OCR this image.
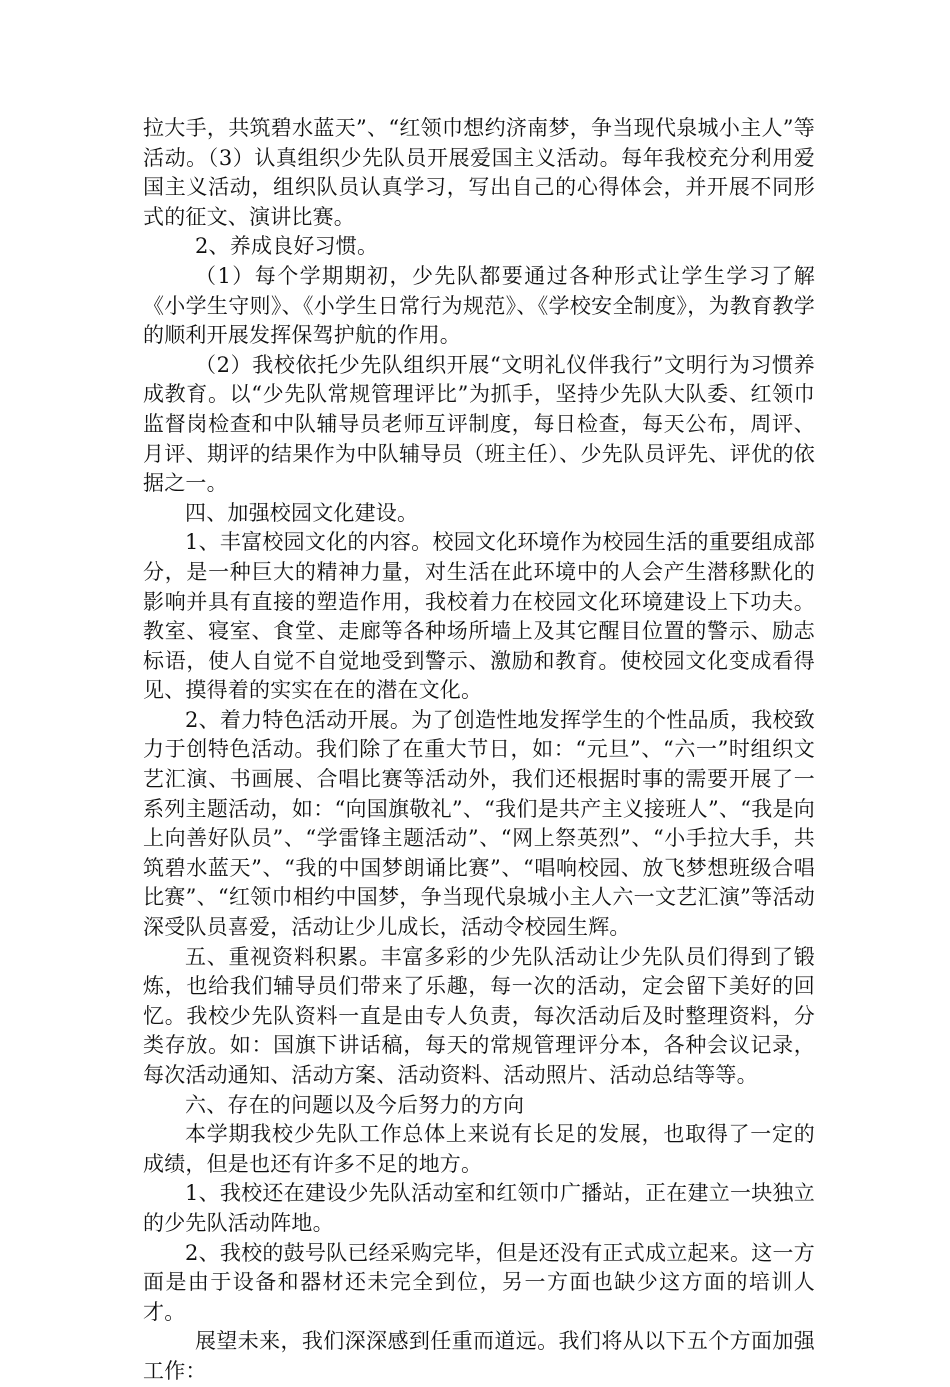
拉大手，共筑碧水蓝天”、“红领巾想约济南梦，争当现代泉城小主人”等活动。（3）认真组织少先队员开展爱国主义活动。每年我校充分利用爱国主义活动，组织队员认真学习，写出自己的心得体会，并开展不同形式的征文、演讲比赛。

2、养成良好习惯。

（1）每个学期期初，少先队都要通过各种形式让学生学习了解《小学生守则》、《小学生日常行为规范》、《学校安全制度》，为教育教学的顺利开展发挥保驾护航的作用。

（2）我校依托少先队组织开展“文明礼仪伴我行”文明行为习惯养成教育。以“少先队常规管理评比”为抓手，坚持少先队大队委、红领巾监督岗检查和中队辅导员老师互评制度，每日检查，每天公布，周评、月评、期评的结果作为中队辅导员（班主任）、少先队员评先、评优的依据之一。

四、加强校园文化建设。

1、丰富校园文化的内容。校园文化环境作为校园生活的重要组成部分，是一种巨大的精神力量，对生活在此环境中的人会产生潜移默化的影响并具有直接的塑造作用，我校着力在校园文化环境建设上下功夫。教室、寝室、食堂、走廊等各种场所墙上及其它醒目位置的警示、励志标语，使人自觉不自觉地受到警示、激励和教育。使校园文化变成看得见、摸得着的实实在在的潜在文化。

2、着力特色活动开展。为了创造性地发挥学生的个性品质，我校致力于创特色活动。我们除了在重大节日，如：“元旦”、“六一”时组织文艺汇演、书画展、合唱比赛等活动外，我们还根据时事的需要开展了一系列主题活动，如：“向国旗敬礼”、“我们是共产主义接班人”、“我是向上向善好队员”、“学雷锋主题活动”、“网上祭英烈”、“小手拉大手，共筑碧水蓝天”、“我的中国梦朗诵比赛”、“唱响校园、放飞梦想班级合唱比赛”、“红领巾相约中国梦，争当现代泉城小主人六一文艺汇演”等活动深受队员喜爱，活动让少儿成长，活动令校园生辉。

五、重视资料积累。丰富多彩的少先队活动让少先队员们得到了锻炼，也给我们辅导员们带来了乐趣，每一次的活动，定会留下美好的回忆。我校少先队资料一直是由专人负责，每次活动后及时整理资料，分类存放。如：国旗下讲话稿，每天的常规管理评分本，各种会议记录，每次活动通知、活动方案、活动资料、活动照片、活动总结等等。

六、存在的问题以及今后努力的方向

本学期我校少先队工作总体上来说有长足的发展，也取得了一定的成绩，但是也还有许多不足的地方。

1、我校还在建设少先队活动室和红领巾广播站，正在建立一块独立的少先队活动阵地。

2、我校的鼓号队已经采购完毕，但是还没有正式成立起来。这一方面是由于设备和器材还未完全到位，另一方面也缺少这方面的培训人才。

展望未来，我们深深感到任重而道远。我们将从以下五个方面加强工作：
